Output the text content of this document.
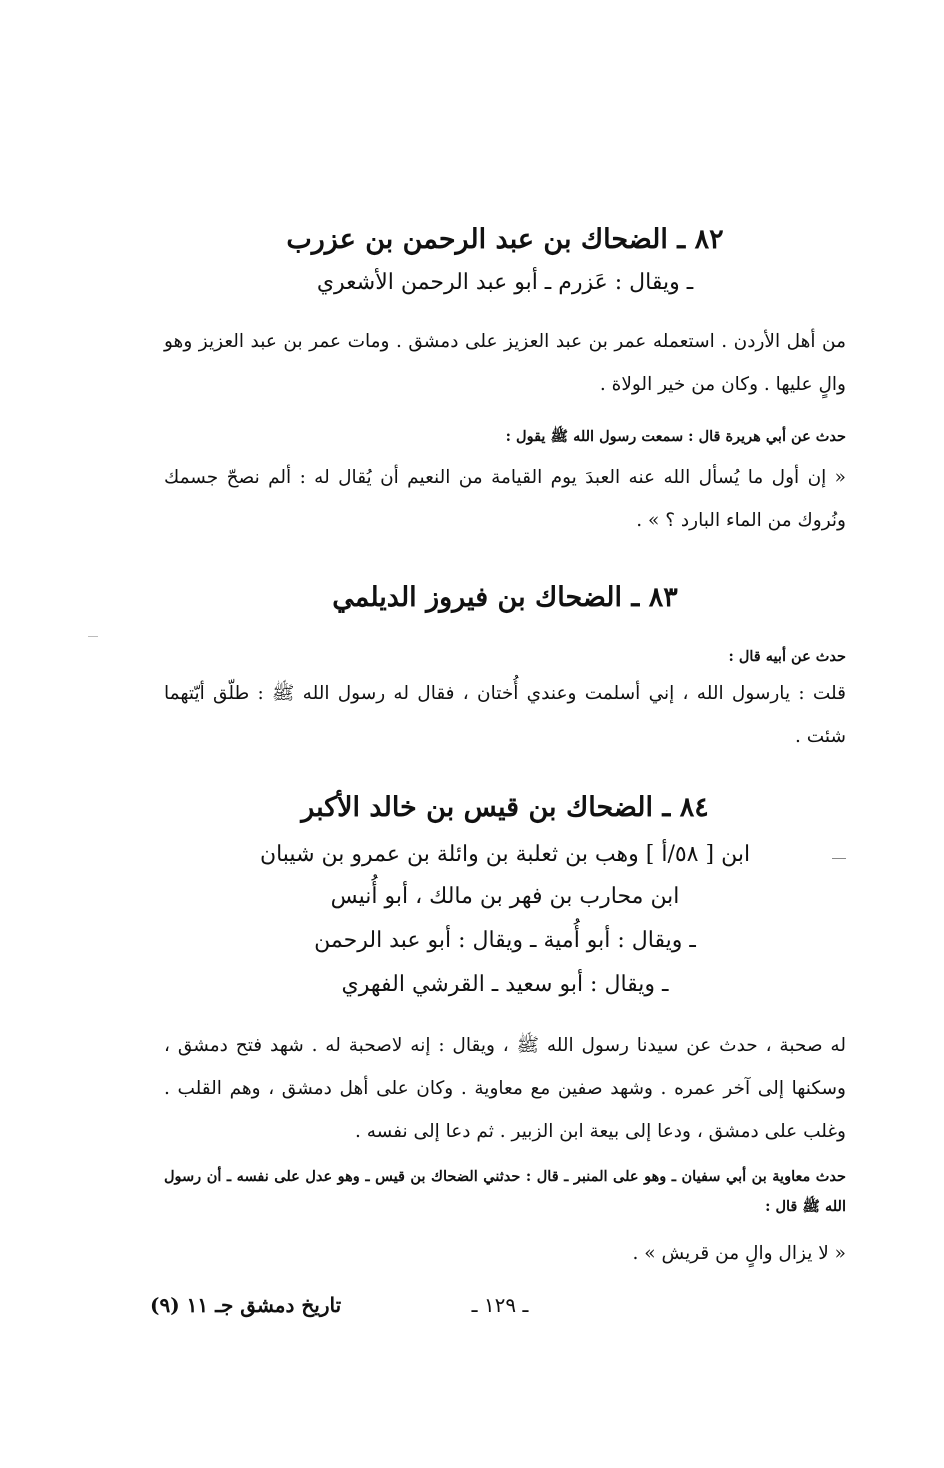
٨٢ ـ الضحاك بن عبد الرحمن بن عزرب
ـ ويقال : عَزرم ـ أبو عبد الرحمن الأشعري
من أهل الأردن . استعمله عمر بن عبد العزيز على دمشق . ومات عمر بن عبد العزيز وهو والٍ عليها . وكان من خير الولاة .
حدث عن أبي هريرة قال : سمعت رسول الله ﷺ يقول :
« إن أول ما يُسأل الله عنه العبدَ يوم القيامة من النعيم أن يُقال له : ألم نصحّ جسمك ونُروك من الماء البارد ؟ » .
٨٣ ـ الضحاك بن فيروز الديلمي
حدث عن أبيه قال :
قلت : يارسول الله ، إني أسلمت وعندي أُختان ، فقال له رسول الله ﷺ : طلّق أيّتهما شئت .
٨٤ ـ الضحاك بن قيس بن خالد الأكبر
ابن [ ٥٨/أ ] وهب بن ثعلبة بن وائلة بن عمرو بن شيبان
ابن محارب بن فهر بن مالك ، أبو أُنيس
ـ ويقال : أبو أُمية ـ ويقال : أبو عبد الرحمن
ـ ويقال : أبو سعيد ـ القرشي الفهري
له صحبة ، حدث عن سيدنا رسول الله ﷺ ، ويقال : إنه لاصحبة له . شهد فتح دمشق ، وسكنها إلى آخر عمره . وشهد صفين مع معاوية . وكان على أهل دمشق ، وهم القلب . وغلب على دمشق ، ودعا إلى بيعة ابن الزبير . ثم دعا إلى نفسه .
حدث معاوية بن أبي سفيان ـ وهو على المنبر ـ قال : حدثني الضحاك بن قيس ـ وهو عدل على نفسه ـ أن رسول الله ﷺ قال :
« لا يزال والٍ من قريش » .
ـ ١٢٩ ـ
تاريخ دمشق جـ ١١ (٩)
